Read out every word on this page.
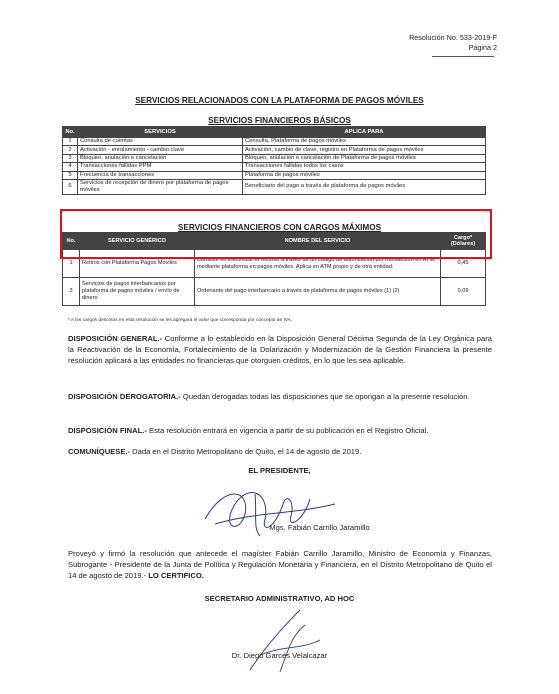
Resolución No. 533-2019-F
Página 2
SERVICIOS RELACIONADOS CON LA PLATAFORMA DE PAGOS MÓVILES
SERVICIOS FINANCIEROS BÁSICOS
No.	SERVICIOS	APLICA PARA
1	Consulta de cuentas	Consulta, Plataforma de pagos móviles
2	Activación - enrolamiento - cambio clave	Activación, cambio de clave, registro en Plataforma de pagos móviles
3	Bloqueo, anulación o cancelación	Bloqueo, anulación o cancelación de Plataforma de pagos móviles
4	Transacciones fallidas PPM	Transacciones fallidas todos los casos
5	Frecuencia de transacciones	Plataforma de pagos móviles
6	Servicios de recepción de dinero por plataforma de pagos móviles	Beneficiario del pago a través de plataforma de pagos móviles
SERVICIOS FINANCIEROS CON CARGOS MÁXIMOS
No.	SERVICIO GENÉRICO	NOMBRE DEL SERVICIO	Cargo* (Dólares)
1	Retiros con Plataforma Pagos Móviles	Consiste en efectivizar el recurso a través de un código de autorización por transacción en ATM, mediante plataforma en pagos móviles. Aplica en ATM propio y de otra entidad.	0,45
3	Servicios de pagos interbancarios por plataforma de pagos móviles / envío de dinero	Ordenante del pago interbancario a través de plataforma de pagos móviles (1) (2)	0,09
* A los cargos descritos en esta resolución se les agregará el valor que corresponda por concepto de IVA.
DISPOSICIÓN GENERAL.- Conforme a lo establecido en la Disposición General Décima Segunda de la Ley Orgánica para la Reactivación de la Economía, Fortalecimiento de la Dolarización y Modernización de la Gestión Financiera la presente resolución aplicará a las entidades no financieras que otorguen créditos, en lo que les sea aplicable.
DISPOSICIÓN DEROGATORIA.- Quedan derogadas todas las disposiciones que se opongan a la presente resolución.
DISPOSICIÓN FINAL.- Esta resolución entrará en vigencia a partir de su publicación en el Registro Oficial.
COMUNÍQUESE.- Dada en el Distrito Metropolitano de Quito, el 14 de agosto de 2019.
EL PRESIDENTE,
Mgs. Fabián Carrillo Jaramillo
Proveyó y firmó la resolución que antecede el magíster Fabián Carrillo Jaramillo, Ministro de Economía y Finanzas, Subrogante - Presidente de la Junta de Política y Regulación Monetaria y Financiera, en el Distrito Metropolitano de Quito el 14 de agosto de 2019.- LO CERTIFICO.
SECRETARIO ADMINISTRATIVO, AD HOC
Dr. Diego Garcés Velalcazar
